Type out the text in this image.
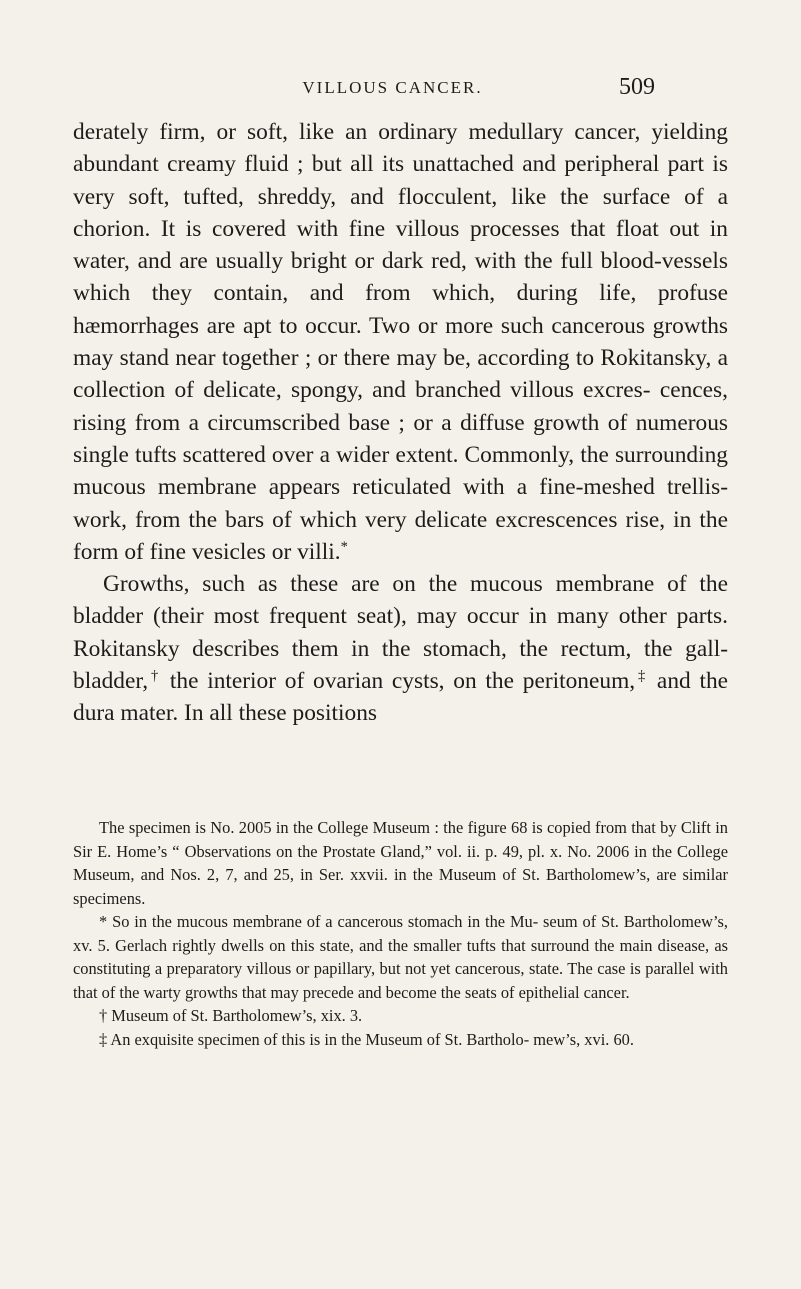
VILLOUS CANCER.	509

derately firm, or soft, like an ordinary medullary cancer, yielding abundant creamy fluid ; but all its unattached and peripheral part is very soft, tufted, shreddy, and flocculent, like the surface of a chorion. It is covered with fine villous processes that float out in water, and are usually bright or dark red, with the full blood-vessels which they contain, and from which, during life, profuse hæmorrhages are apt to occur. Two or more such cancerous growths may stand near together ; or there may be, according to Rokitansky, a collection of delicate, spongy, and branched villous excres- cences, rising from a circumscribed base ; or a diffuse growth of numerous single tufts scattered over a wider extent. Commonly, the surrounding mucous membrane appears reticulated with a fine-meshed trellis-work, from the bars of which very delicate excrescences rise, in the form of fine vesicles or villi.*

Growths, such as these are on the mucous membrane of the bladder (their most frequent seat), may occur in many other parts. Rokitansky describes them in the stomach, the rectum, the gall-bladder,† the interior of ovarian cysts, on the peritoneum,‡ and the dura mater. In all these positions

The specimen is No. 2005 in the College Museum : the figure 68 is copied from that by Clift in Sir E. Home’s “ Observations on the Prostate Gland,” vol. ii. p. 49, pl. x. No. 2006 in the College Museum, and Nos. 2, 7, and 25, in Ser. xxvii. in the Museum of St. Bartholomew’s, are similar specimens.

* So in the mucous membrane of a cancerous stomach in the Mu- seum of St. Bartholomew’s, xv. 5. Gerlach rightly dwells on this state, and the smaller tufts that surround the main disease, as constituting a preparatory villous or papillary, but not yet cancerous, state. The case is parallel with that of the warty growths that may precede and become the seats of epithelial cancer.

† Museum of St. Bartholomew’s, xix. 3.

‡ An exquisite specimen of this is in the Museum of St. Bartholo- mew’s, xvi. 60.
